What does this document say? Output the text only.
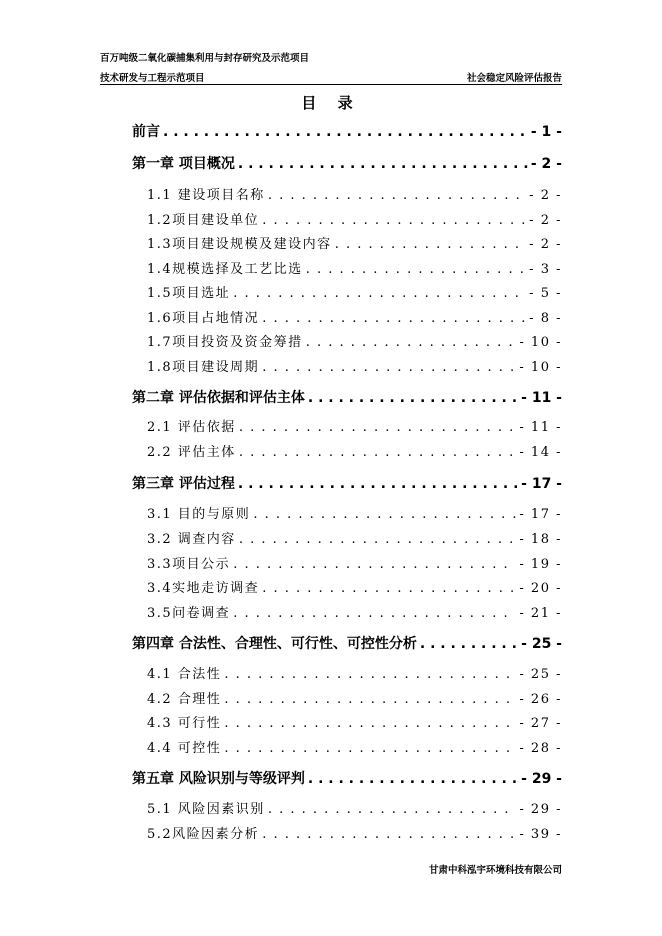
百万吨级二氧化碳捕集利用与封存研究及示范项目
技术研发与工程示范项目	社会稳定风险评估报告
目 录
前言 . . .	- 1 -
第一章 项目概况 . . .	- 2 -
1.1 建设项目名称 . . .	- 2 -
1.2项目建设单位 . . .	- 2 -
1.3项目建设规模及建设内容 . . .	- 2 -
1.4规模选择及工艺比选 . . .	- 3 -
1.5项目选址 . . .	- 5 -
1.6项目占地情况 . . .	- 8 -
1.7项目投资及资金筹措 . . .	- 10 -
1.8项目建设周期 . . .	- 10 -
第二章 评估依据和评估主体 . . .	- 11 -
2.1 评估依据 . . .	- 11 -
2.2 评估主体 . . .	- 14 -
第三章 评估过程 . . .	- 17 -
3.1 目的与原则 . . .	- 17 -
3.2 调查内容 . . .	- 18 -
3.3项目公示 . . .	- 19 -
3.4实地走访调查 . . .	- 20 -
3.5问卷调查 . . .	- 21 -
第四章 合法性、合理性、可行性、可控性分析 . . .	- 25 -
4.1 合法性 . . .	- 25 -
4.2 合理性 . . .	- 26 -
4.3 可行性 . . .	- 27 -
4.4 可控性 . . .	- 28 -
第五章 风险识别与等级评判 . . .	- 29 -
5.1 风险因素识别 . . .	- 29 -
5.2风险因素分析 . . .	- 39 -
甘肃中科泓宇环境科技有限公司
